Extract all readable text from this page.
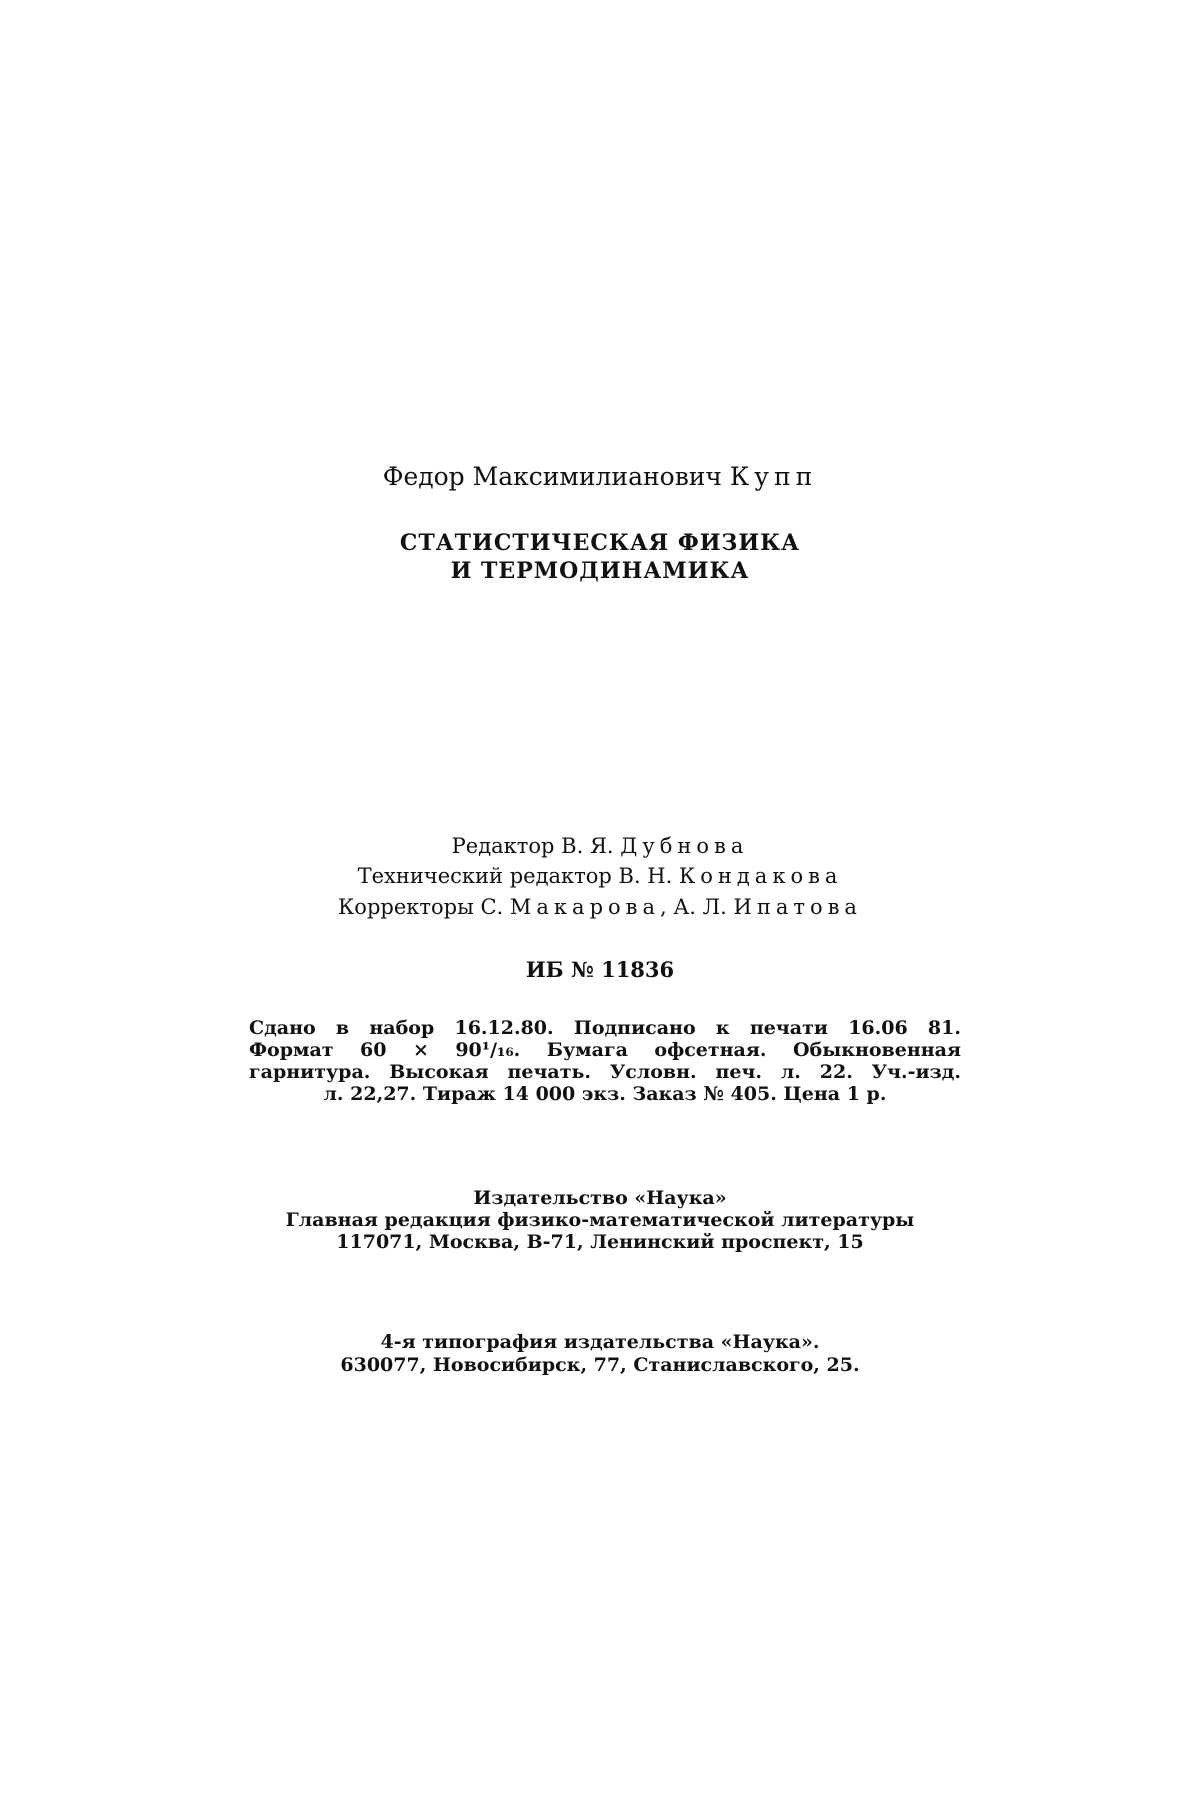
Федор Максимилианович Купп
СТАТИСТИЧЕСКАЯ ФИЗИКА
И ТЕРМОДИНАМИКА
Редактор В. Я. Дубнова
Технический редактор В. Н. Кондакова
Корректоры С. Макарова, А. Л. Ипатова
ИБ № 11836
Сдано в набор 16.12.80. Подписано к печати 16.06 81.
Формат 60 × 90¹/₁₆. Бумага офсетная. Обыкновенная
гарнитура. Высокая печать. Условн. печ. л. 22. Уч.-изд.
л. 22,27. Тираж 14 000 экз. Заказ № 405. Цена 1 р.
Издательство «Наука»
Главная редакция физико-математической литературы
117071, Москва, В-71, Ленинский проспект, 15
4-я типография издательства «Наука».
630077, Новосибирск, 77, Станиславского, 25.
